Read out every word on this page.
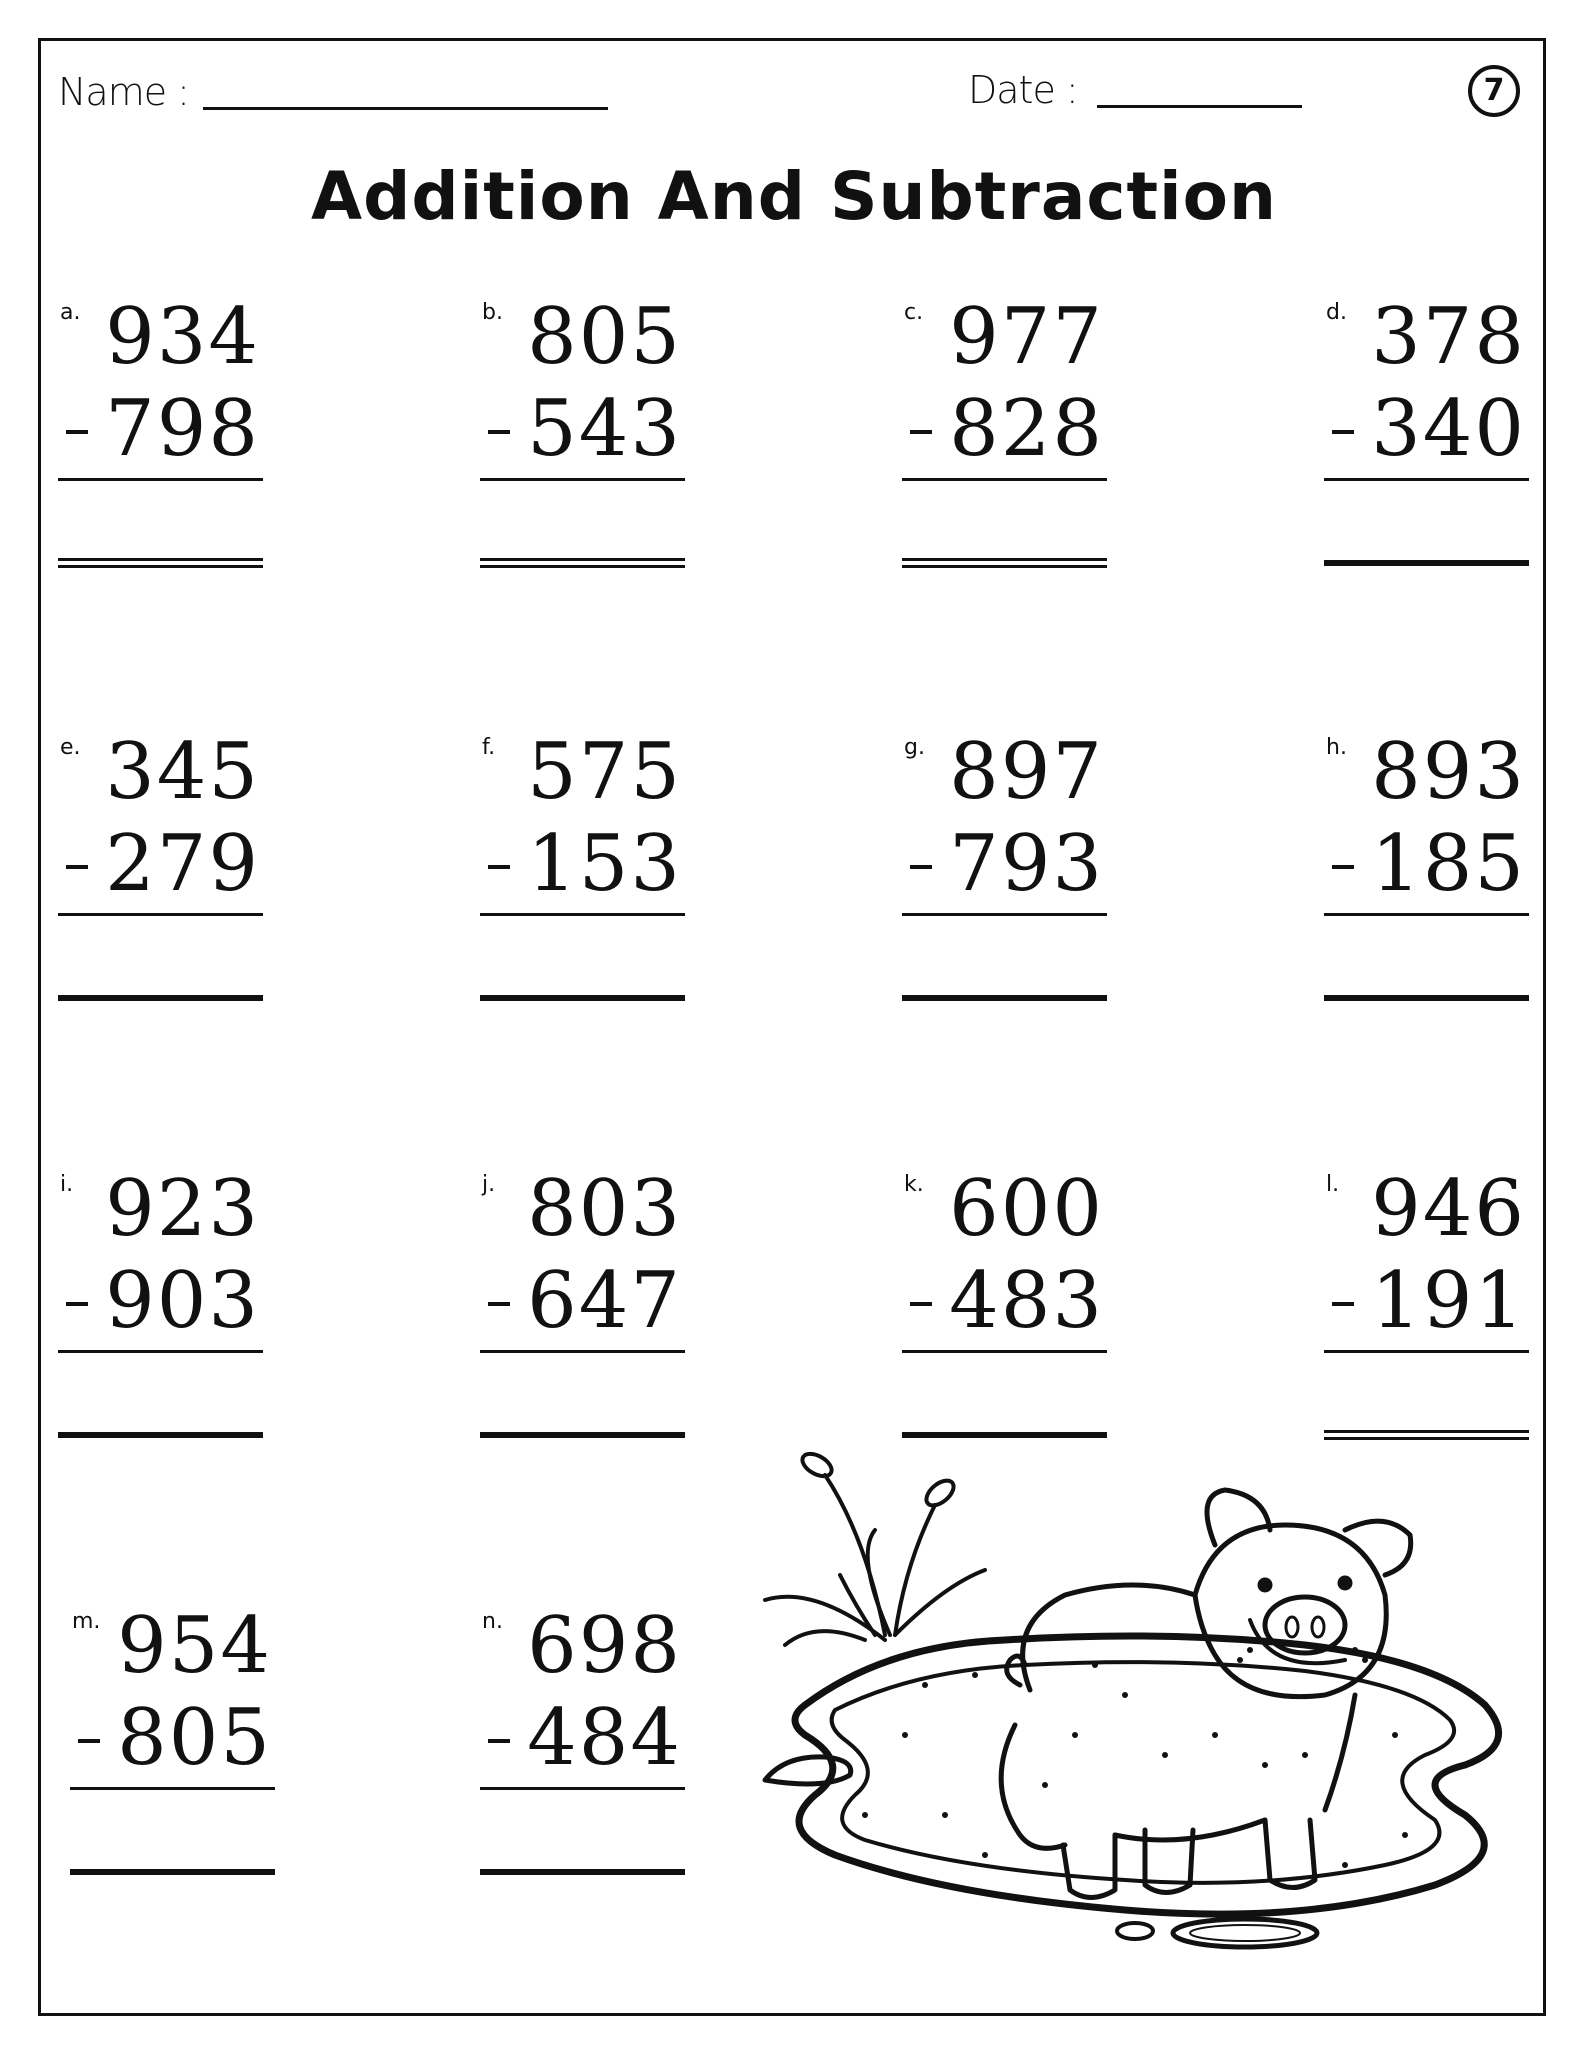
Name :	Date :	7
Addition And Subtraction
a. 934
798
b. 805
543
c. 977
828
d. 378
340
e. 345
279
f. 575
153
g. 897
793
h. 893
185
i. 923
903
j. 803
647
k. 600
483
l. 946
191
m. 954
805
n. 698
484
